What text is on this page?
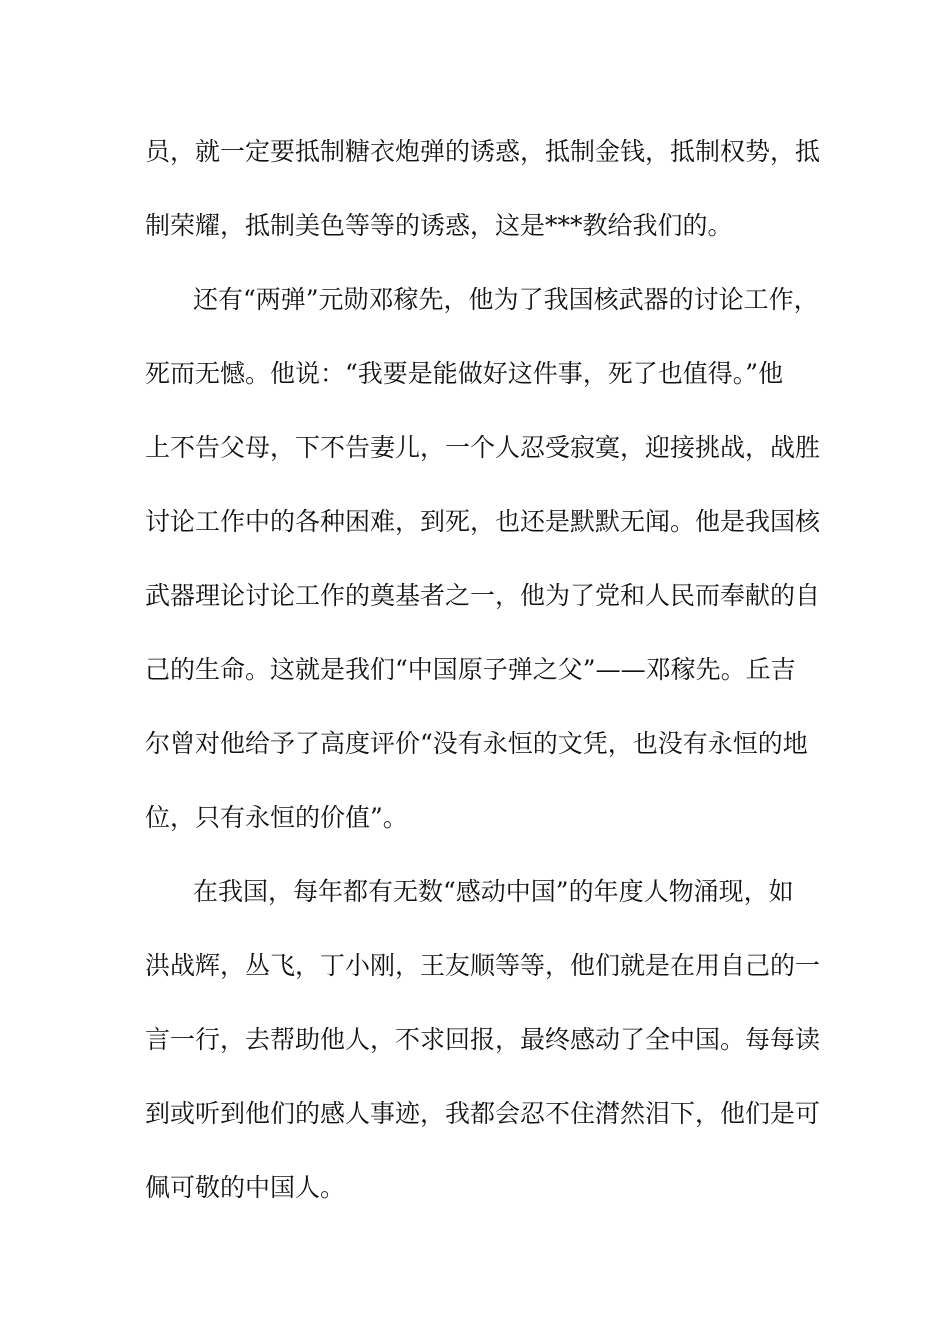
员，就一定要抵制糖衣炮弹的诱惑，抵制金钱，抵制权势，抵
制荣耀，抵制美色等等的诱惑，这是***教给我们的。
还有“两弹”元勋邓稼先，他为了我国核武器的讨论工作，
死而无憾。他说：“我要是能做好这件事，死了也值得。”他
上不告父母，下不告妻儿，一个人忍受寂寞，迎接挑战，战胜
讨论工作中的各种困难，到死，也还是默默无闻。他是我国核
武器理论讨论工作的奠基者之一，他为了党和人民而奉献的自
己的生命。这就是我们“中国原子弹之父”——邓稼先。丘吉
尔曾对他给予了高度评价“没有永恒的文凭，也没有永恒的地
位，只有永恒的价值”。
在我国，每年都有无数“感动中国”的年度人物涌现，如
洪战辉，丛飞，丁小刚，王友顺等等，他们就是在用自己的一
言一行，去帮助他人，不求回报，最终感动了全中国。每每读
到或听到他们的感人事迹，我都会忍不住潸然泪下，他们是可
佩可敬的中国人。
